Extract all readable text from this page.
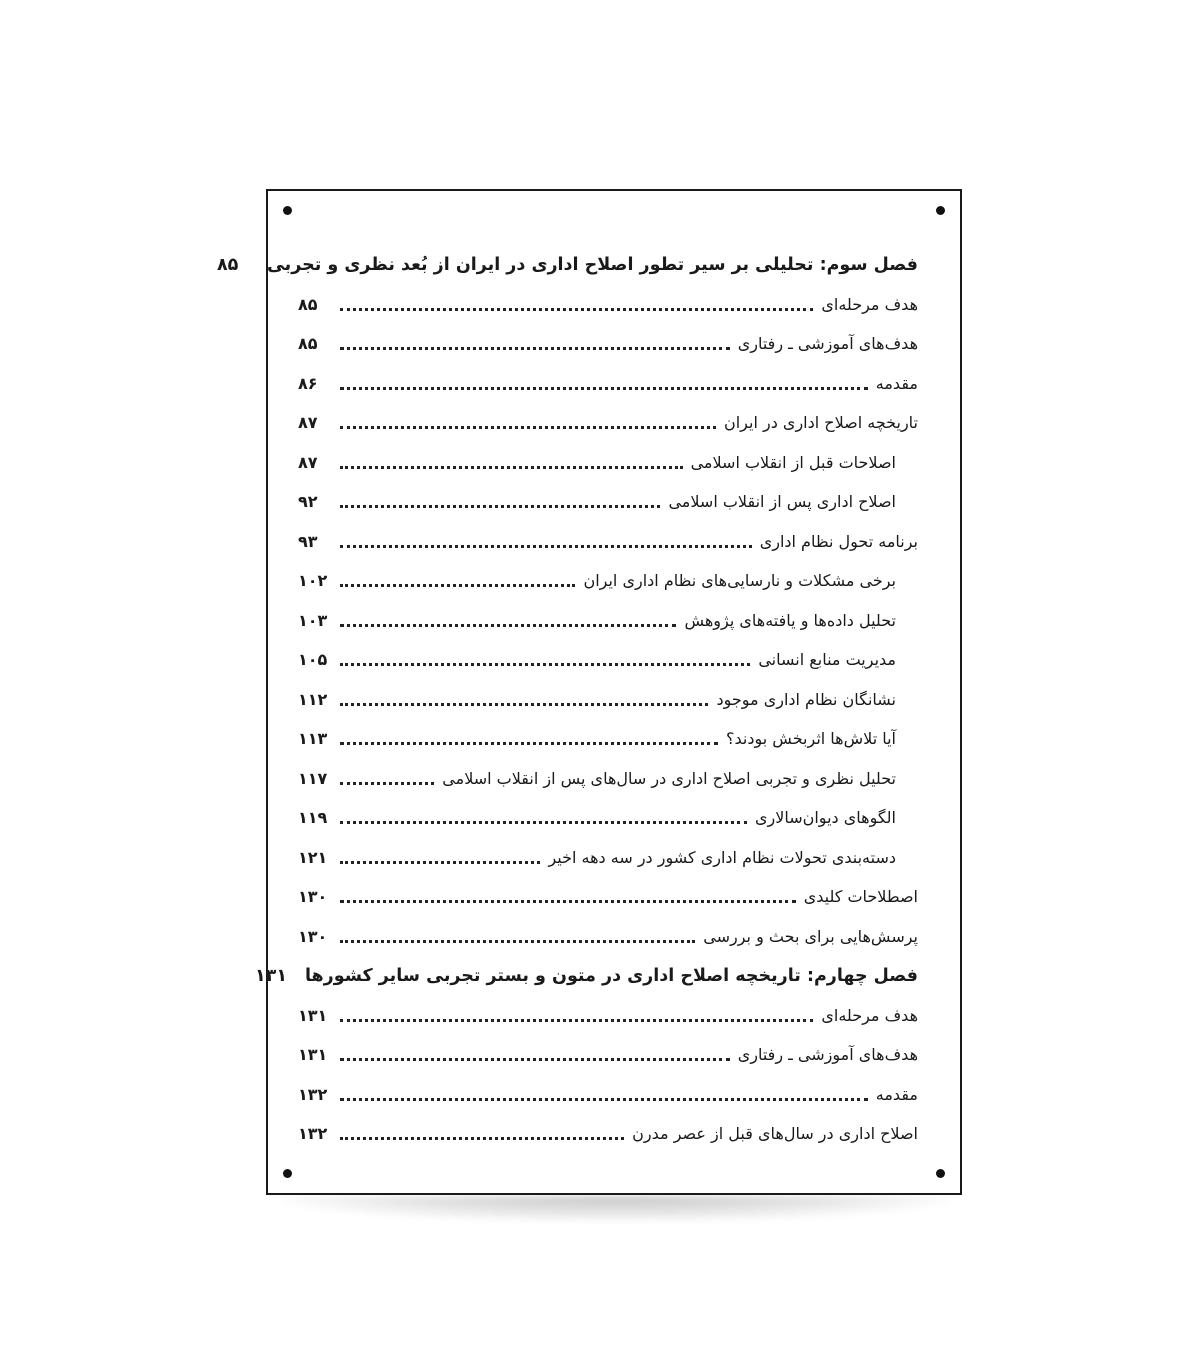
فصل سوم: تحلیلی بر سیر تطور اصلاح اداری در ایران از بُعد نظری و تجربی
۸۵
هدف مرحله‌ای
۸۵
هدف‌های آموزشی ـ رفتاری
۸۵
مقدمه
۸۶
تاریخچه اصلاح اداری در ایران
۸۷
اصلاحات قبل از انقلاب اسلامی
۸۷
اصلاح اداری پس از انقلاب اسلامی
۹۲
برنامه تحول نظام اداری
۹۳
برخی مشکلات و نارسایی‌های نظام اداری ایران
۱۰۲
تحلیل داده‌ها و یافته‌های پژوهش
۱۰۳
مدیریت منابع انسانی
۱۰۵
نشانگان نظام اداری موجود
۱۱۲
آیا تلاش‌ها اثربخش بودند؟
۱۱۳
تحلیل نظری و تجربی اصلاح اداری در سال‌های پس از انقلاب اسلامی
۱۱۷
الگوهای دیوان‌سالاری
۱۱۹
دسته‌بندی تحولات نظام اداری کشور در سه دهه اخیر
۱۲۱
اصطلاحات کلیدی
۱۳۰
پرسش‌هایی برای بحث و بررسی
۱۳۰
فصل چهارم: تاریخچه اصلاح اداری در متون و بستر تجربی سایر کشورها
۱۳۱
هدف مرحله‌ای
۱۳۱
هدف‌های آموزشی ـ رفتاری
۱۳۱
مقدمه
۱۳۲
اصلاح اداری در سال‌های قبل از عصر مدرن
۱۳۲
